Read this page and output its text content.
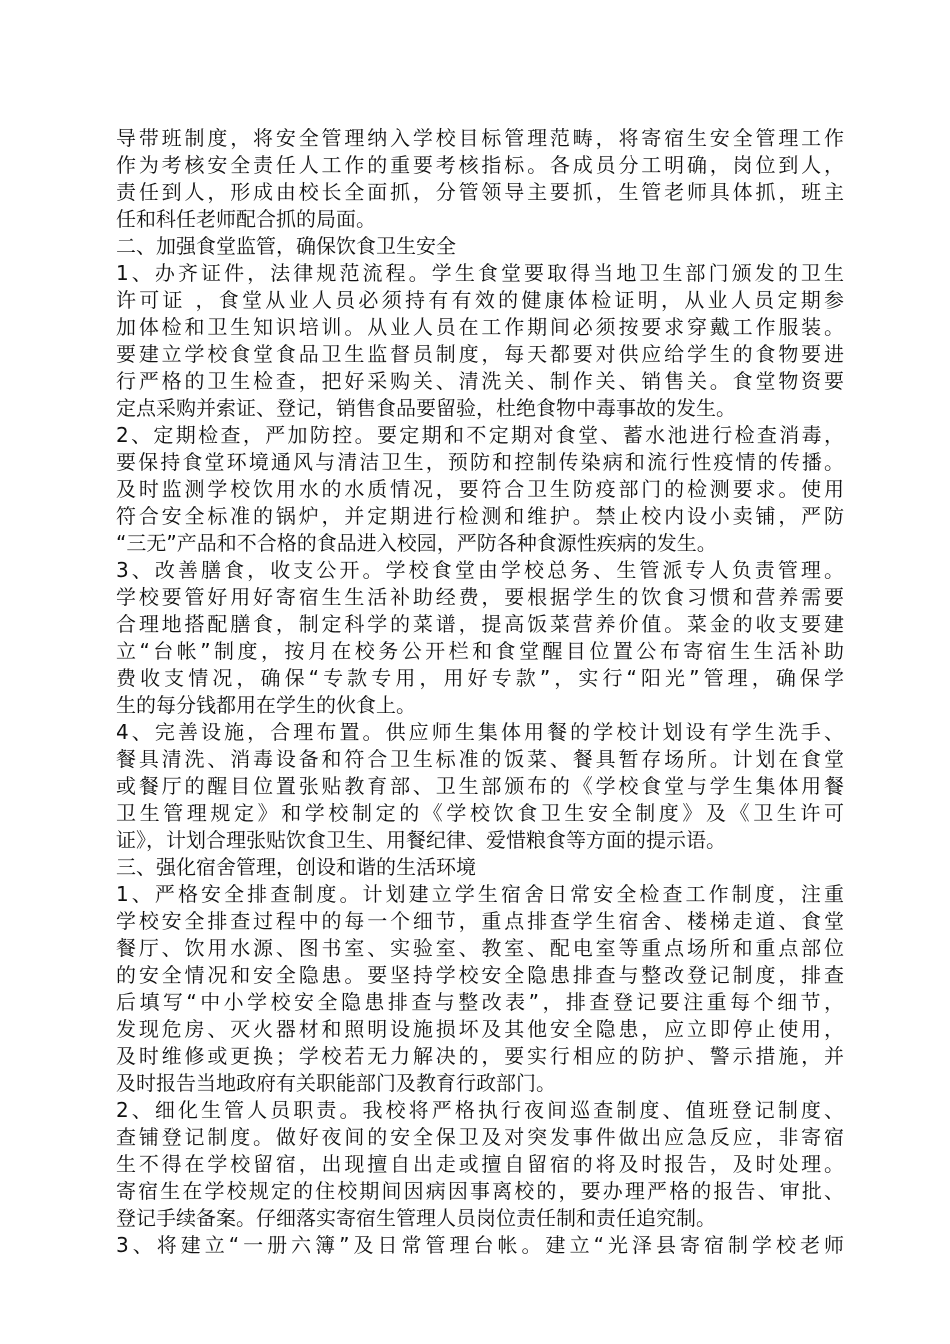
导带班制度，将安全管理纳入学校目标管理范畴，将寄宿生安全管理工作
作为考核安全责任人工作的重要考核指标。各成员分工明确，岗位到人，
责任到人，形成由校长全面抓，分管领导主要抓，生管老师具体抓，班主
任和科任老师配合抓的局面。
二、加强食堂监管，确保饮食卫生安全
1、办齐证件，法律规范流程。学生食堂要取得当地卫生部门颁发的卫生
许可证 ，食堂从业人员必须持有有效的健康体检证明，从业人员定期参
加体检和卫生知识培训。从业人员在工作期间必须按要求穿戴工作服装。
要建立学校食堂食品卫生监督员制度，每天都要对供应给学生的食物要进
行严格的卫生检查，把好采购关、清洗关、制作关、销售关。食堂物资要
定点采购并索证、登记，销售食品要留验，杜绝食物中毒事故的发生。
2、定期检查，严加防控。要定期和不定期对食堂、蓄水池进行检查消毒，
要保持食堂环境通风与清洁卫生，预防和控制传染病和流行性疫情的传播。
及时监测学校饮用水的水质情况，要符合卫生防疫部门的检测要求。使用
符合安全标准的锅炉，并定期进行检测和维护。禁止校内设小卖铺，严防
“三无”产品和不合格的食品进入校园，严防各种食源性疾病的发生。
3、改善膳食，收支公开。学校食堂由学校总务、生管派专人负责管理。
学校要管好用好寄宿生生活补助经费，要根据学生的饮食习惯和营养需要
合理地搭配膳食，制定科学的菜谱，提高饭菜营养价值。菜金的收支要建
立“台帐”制度，按月在校务公开栏和食堂醒目位置公布寄宿生生活补助
费收支情况，确保“专款专用，用好专款”，实行“阳光”管理，确保学
生的每分钱都用在学生的伙食上。
4、完善设施，合理布置。供应师生集体用餐的学校计划设有学生洗手、
餐具清洗、消毒设备和符合卫生标准的饭菜、餐具暂存场所。计划在食堂
或餐厅的醒目位置张贴教育部、卫生部颁布的《学校食堂与学生集体用餐
卫生管理规定》和学校制定的《学校饮食卫生安全制度》及《卫生许可
证》，计划合理张贴饮食卫生、用餐纪律、爱惜粮食等方面的提示语。
三、强化宿舍管理，创设和谐的生活环境
1、严格安全排查制度。计划建立学生宿舍日常安全检查工作制度，注重
学校安全排查过程中的每一个细节，重点排查学生宿舍、楼梯走道、食堂
餐厅、饮用水源、图书室、实验室、教室、配电室等重点场所和重点部位
的安全情况和安全隐患。要坚持学校安全隐患排查与整改登记制度，排查
后填写“中小学校安全隐患排查与整改表”，排查登记要注重每个细节，
发现危房、灭火器材和照明设施损坏及其他安全隐患，应立即停止使用，
及时维修或更换；学校若无力解决的，要实行相应的防护、警示措施，并
及时报告当地政府有关职能部门及教育行政部门。
2、细化生管人员职责。我校将严格执行夜间巡查制度、值班登记制度、
查铺登记制度。做好夜间的安全保卫及对突发事件做出应急反应，非寄宿
生不得在学校留宿，出现擅自出走或擅自留宿的将及时报告，及时处理。
寄宿生在学校规定的住校期间因病因事离校的，要办理严格的报告、审批、
登记手续备案。仔细落实寄宿生管理人员岗位责任制和责任追究制。
3、将建立“一册六簿”及日常管理台帐。建立“光泽县寄宿制学校老师
